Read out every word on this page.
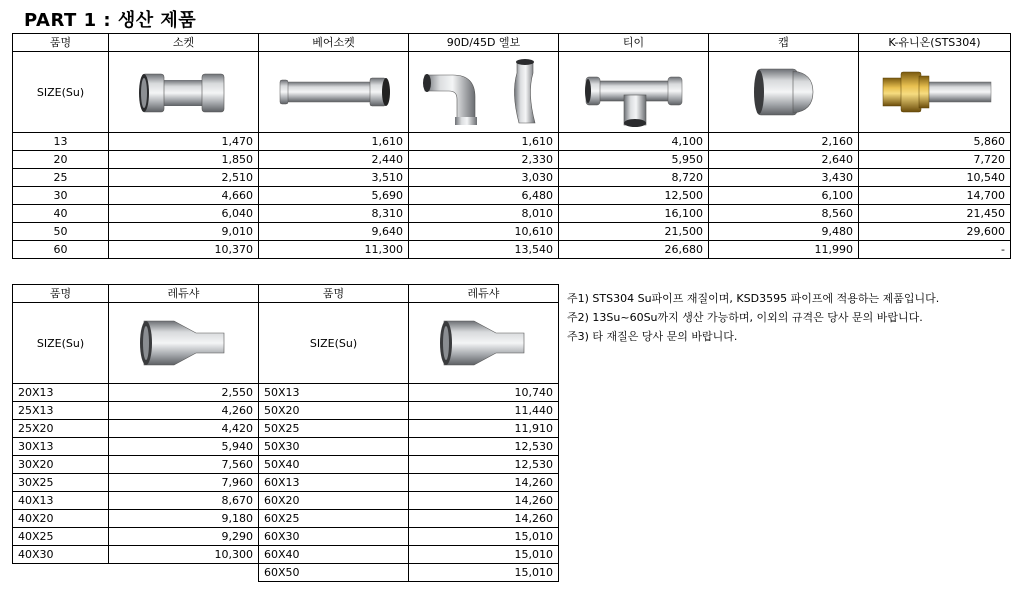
PART 1 : 생산 제품
품명	소켓	베어소켓	90D/45D 엘보	티이	캡	K-유니온(STS304)
SIZE(Su)	

13	1,470	1,610	1,610	4,100	2,160	5,860
20	1,850	2,440	2,330	5,950	2,640	7,720
25	2,510	3,510	3,030	8,720	3,430	10,540
30	4,660	5,690	6,480	12,500	6,100	14,700
40	6,040	8,310	8,010	16,100	8,560	21,450
50	9,010	9,640	10,610	21,500	9,480	29,600
60	10,370	11,300	13,540	26,680	11,990	-
품명	레듀샤	품명	레듀샤
SIZE(Su)		SIZE(Su)	

20X13	2,550	50X13	10,740
25X13	4,260	50X20	11,440
25X20	4,420	50X25	11,910
30X13	5,940	50X30	12,530
30X20	7,560	50X40	12,530
30X25	7,960	60X13	14,260
40X13	8,670	60X20	14,260
40X20	9,180	60X25	14,260
40X25	9,290	60X30	15,010
40X30	10,300	60X40	15,010
		60X50	15,010
주1) STS304 Su파이프 재질이며, KSD3595 파이프에 적용하는 제품입니다.
주2) 13Su~60Su까지 생산 가능하며, 이외의 규격은 당사 문의 바랍니다.
주3) 타 재질은 당사 문의 바랍니다.
